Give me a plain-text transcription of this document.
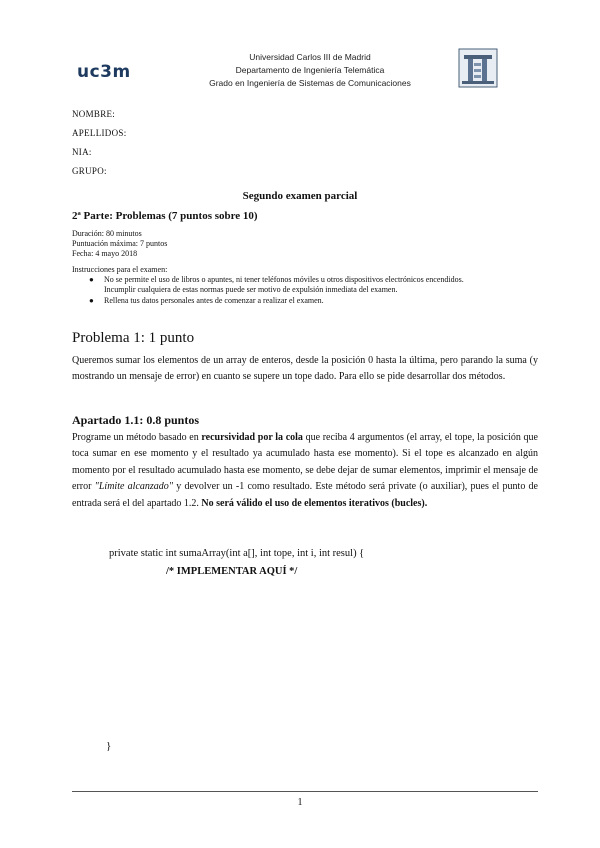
uc3m
Universidad Carlos III de Madrid
Departamento de Ingeniería Telemática
Grado en Ingeniería de Sistemas de Comunicaciones
NOMBRE:
APELLIDOS:
NIA:
GRUPO:
Segundo examen parcial
2ª Parte: Problemas (7 puntos sobre 10)
Duración: 80 minutos
Puntuación máxima: 7 puntos
Fecha: 4 mayo 2018
Instrucciones para el examen:
● No se permite el uso de libros o apuntes, ni tener teléfonos móviles u otros dispositivos electrónicos encendidos.
Incumplir cualquiera de estas normas puede ser motivo de expulsión inmediata del examen.
● Rellena tus datos personales antes de comenzar a realizar el examen.
Problema 1: 1 punto
Queremos sumar los elementos de un array de enteros, desde la posición 0 hasta la última, pero parando la suma (y mostrando un mensaje de error) en cuanto se supere un tope dado. Para ello se pide desarrollar dos métodos.
Apartado 1.1: 0.8 puntos
Programe un método basado en recursividad por la cola que reciba 4 argumentos (el array, el tope, la posición que toca sumar en ese momento y el resultado ya acumulado hasta ese momento). Si el tope es alcanzado en algún momento por el resultado acumulado hasta ese momento, se debe dejar de sumar elementos, imprimir el mensaje de error "Límite alcanzado" y devolver un -1 como resultado. Este método será private (o auxiliar), pues el punto de entrada será el del apartado 1.2. No será válido el uso de elementos iterativos (bucles).
private static int sumaArray(int a[], int tope, int i, int resul) {
/* IMPLEMENTAR AQUÍ */
}
1
